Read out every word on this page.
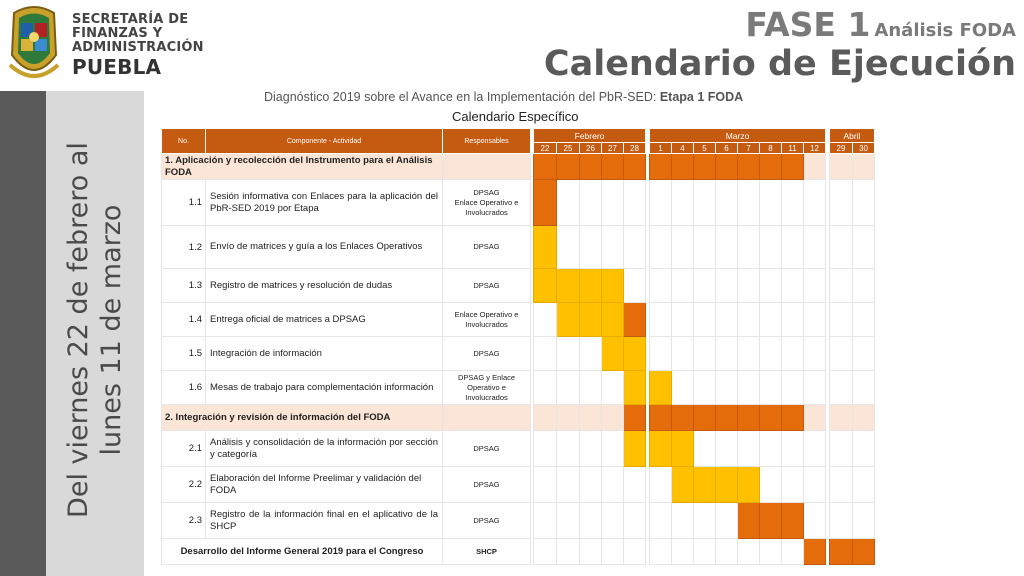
Del viernes 22 de febrero al lunes 11 de marzo
SECRETARÍA DE
FINANZAS Y
ADMINISTRACIÓN
PUEBLA
FASE 1 Análisis FODA
Calendario de Ejecución
Diagnóstico 2019 sobre el Avance en la Implementación del PbR-SED: Etapa 1 FODA
Calendario Específico
No.	Componente - Actividad	Responsables		Febrero						Marzo									Abril	
				22	25	26	27	28		1	4	5	6	7	8	11	12		29	30
1. Aplicación y recolección del Instrumento para el Análisis FODA																				
1.1	Sesión informativa con Enlaces para la aplicación del PbR-SED 2019 por Etapa	DPSAG
Enlace Operativo e Involucrados																		
1.2	Envío de matrices y guía a los Enlaces Operativos	DPSAG																		
1.3	Registro de matrices y resolución de dudas	DPSAG																		
1.4	Entrega oficial de matrices a DPSAG	Enlace Operativo e Involucrados																		
1.5	Integración de información	DPSAG																		
1.6	Mesas de trabajo para complementación información	DPSAG y Enlace
Operativo e
Involucrados																		
2. Integración y revisión de información del FODA																				
2.1	Análisis y consolidación de la información por sección y categoría	DPSAG																		
2.2	Elaboración del Informe Preelimar y validación del FODA	DPSAG																		
2.3	Registro de la información final en el aplicativo de la SHCP	DPSAG																		
Desarrollo del Informe General 2019 para el Congreso		SHCP																		
